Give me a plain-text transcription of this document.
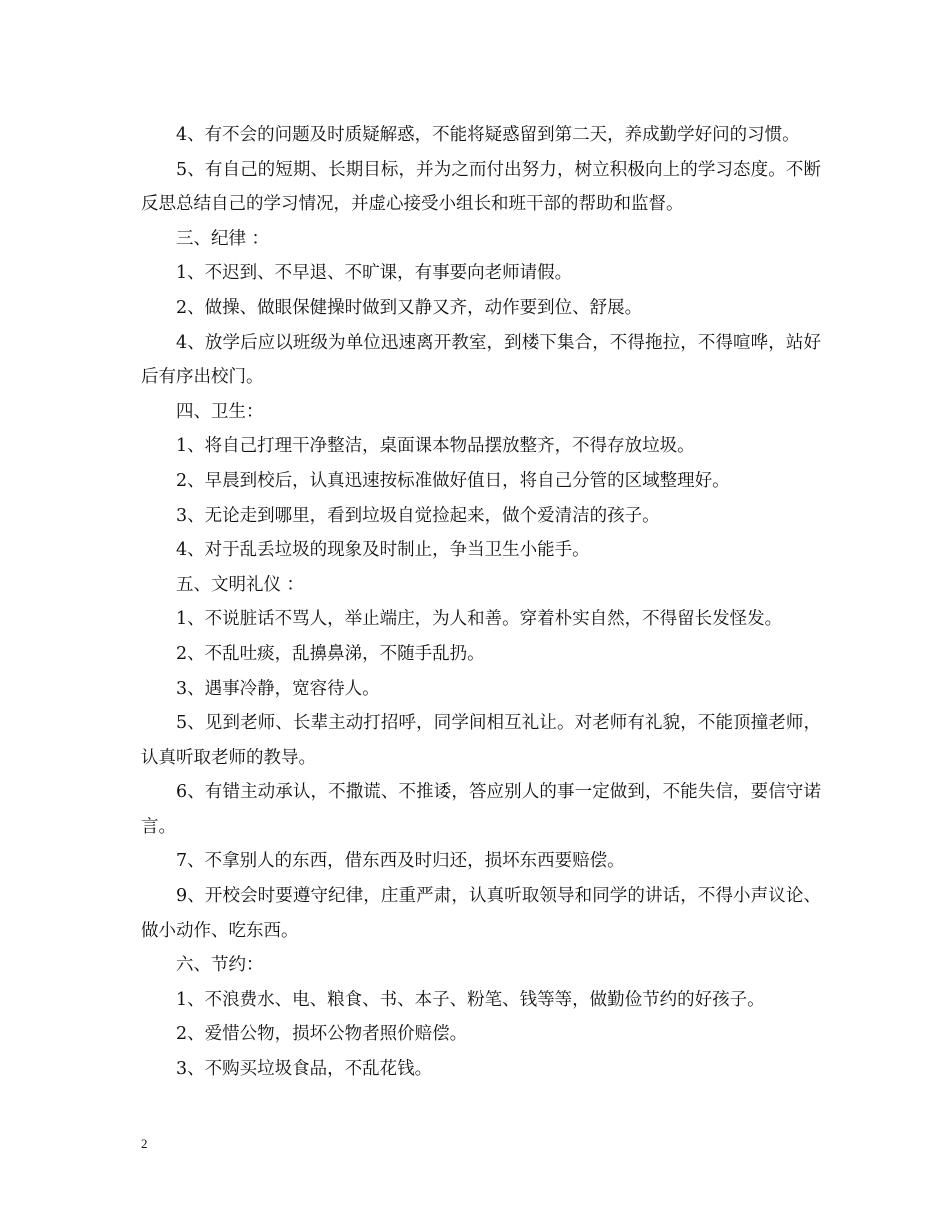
4、有不会的问题及时质疑解惑，不能将疑惑留到第二天，养成勤学好问的习惯。

5、有自己的短期、长期目标，并为之而付出努力，树立积极向上的学习态度。不断反思总结自己的学习情况，并虚心接受小组长和班干部的帮助和监督。

三、纪律 ：

1、不迟到、不早退、不旷课，有事要向老师请假。

2、做操、做眼保健操时做到又静又齐，动作要到位、舒展。

4、放学后应以班级为单位迅速离开教室，到楼下集合，不得拖拉，不得喧哗，站好后有序出校门。

四、卫生：

1、将自己打理干净整洁，桌面课本物品摆放整齐，不得存放垃圾。

2、早晨到校后，认真迅速按标准做好值日，将自己分管的区域整理好。

3、无论走到哪里，看到垃圾自觉捡起来，做个爱清洁的孩子。

4、对于乱丢垃圾的现象及时制止，争当卫生小能手。

五、文明礼仪 ：

1、不说脏话不骂人，举止端庄，为人和善。穿着朴实自然，不得留长发怪发。

2、不乱吐痰，乱擤鼻涕，不随手乱扔。

3、遇事冷静，宽容待人。

5、见到老师、长辈主动打招呼，同学间相互礼让。对老师有礼貌，不能顶撞老师，认真听取老师的教导。

6、有错主动承认，不撒谎、不推诿，答应别人的事一定做到，不能失信，要信守诺言。

7、不拿别人的东西，借东西及时归还，损坏东西要赔偿。

9、开校会时要遵守纪律，庄重严肃，认真听取领导和同学的讲话，不得小声议论、做小动作、吃东西。

六、节约：

1、不浪费水、电、粮食、书、本子、粉笔、钱等等，做勤俭节约的好孩子。

2、爱惜公物，损坏公物者照价赔偿。

3、不购买垃圾食品，不乱花钱。

2
